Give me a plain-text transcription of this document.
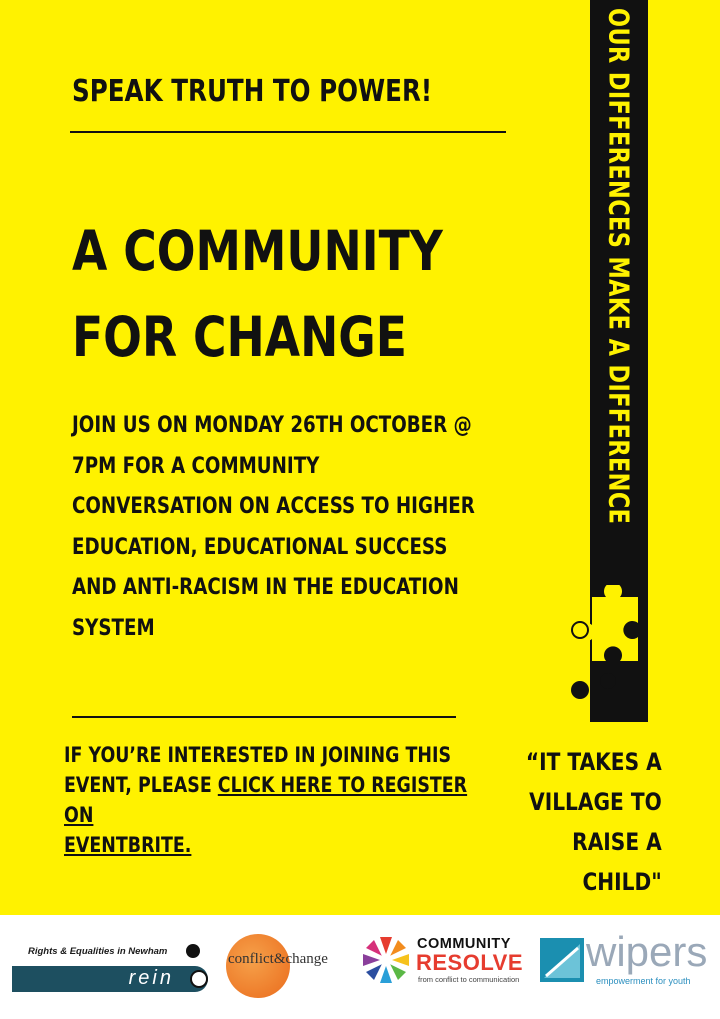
SPEAK TRUTH TO POWER!
A COMMUNITY
FOR CHANGE
JOIN US ON MONDAY 26TH OCTOBER @
7PM FOR A COMMUNITY
CONVERSATION ON ACCESS TO HIGHER
EDUCATION, EDUCATIONAL SUCCESS
AND ANTI-RACISM IN THE EDUCATION
SYSTEM
IF YOU’RE INTERESTED IN JOINING THIS
EVENT, PLEASE CLICK HERE TO REGISTER ON
EVENTBRITE.
“IT TAKES A
VILLAGE TO
RAISE A
CHILD"
OUR DIFFERENCES MAKE A DIFFERENCE
Rights & Equalities in Newham
rein
conflict&change
COMMUNITY
RESOLVE
from conflict to communication
wipers
empowerment for youth
